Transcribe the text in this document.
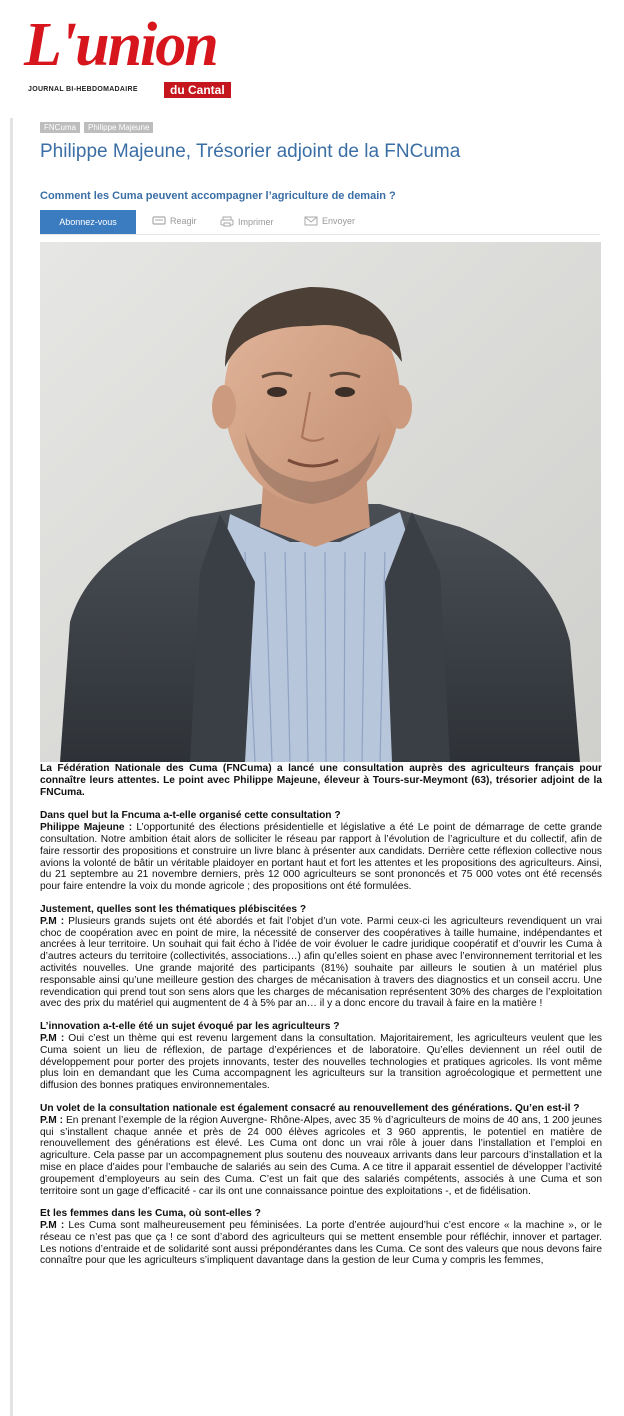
L'union
JOURNAL BI-HEBDOMADAIRE	du Cantal
FNCuma	Philippe Majeune
Philippe Majeune, Trésorier adjoint de la FNCuma
Comment les Cuma peuvent accompagner l’agriculture de demain ?
Abonnez-vous	Reagir	Imprimer	Envoyer

La Fédération Nationale des Cuma (FNCuma) a lancé une consultation auprès des agriculteurs français pour connaître leurs attentes. Le point avec Philippe Majeune, éleveur à Tours-sur-Meymont (63), trésorier adjoint de la FNCuma.

Dans quel but la Fncuma a-t-elle organisé cette consultation ?

Philippe Majeune : L’opportunité des élections présidentielle et législative a été Le point de démarrage de cette grande consultation. Notre ambition était alors de solliciter le réseau par rapport à l’évolution de l’agriculture et du collectif, afin de faire ressortir des propositions et construire un livre blanc à présenter aux candidats. Derrière cette réflexion collective nous avions la volonté de bâtir un véritable plaidoyer en portant haut et fort les attentes et les propositions des agriculteurs. Ainsi, du 21 septembre au 21 novembre derniers, près 12 000 agriculteurs se sont prononcés et 75 000 votes ont été recensés pour faire entendre la voix du monde agricole ; des propositions ont été formulées.

Justement, quelles sont les thématiques plébiscitées ?

P.M : Plusieurs grands sujets ont été abordés et fait l’objet d’un vote. Parmi ceux-ci les agriculteurs revendiquent un vrai choc de coopération avec en point de mire, la nécessité de conserver des coopératives à taille humaine, indépendantes et ancrées à leur territoire. Un souhait qui fait écho à l’idée de voir évoluer le cadre juridique coopératif et d’ouvrir les Cuma à d’autres acteurs du territoire (collectivités, associations…) afin qu’elles soient en phase avec l’environnement territorial et les activités nouvelles. Une grande majorité des participants (81%) souhaite par ailleurs le soutien à un matériel plus responsable ainsi qu’une meilleure gestion des charges de mécanisation à travers des diagnostics et un conseil accru. Une revendication qui prend tout son sens alors que les charges de mécanisation représentent 30% des charges de l’exploitation avec des prix du matériel qui augmentent de 4 à 5% par an… il y a donc encore du travail à faire en la matière !

L’innovation a-t-elle été un sujet évoqué par les agriculteurs ?

P.M : Oui c’est un thème qui est revenu largement dans la consultation. Majoritairement, les agriculteurs veulent que les Cuma soient un lieu de réflexion, de partage d’expériences et de laboratoire. Qu’elles deviennent un réel outil de développement pour porter des projets innovants, tester des nouvelles technologies et pratiques agricoles. Ils vont même plus loin en demandant que les Cuma accompagnent les agriculteurs sur la transition agroécologique et permettent une diffusion des bonnes pratiques environnementales.

Un volet de la consultation nationale est également consacré au renouvellement des générations. Qu’en est-il ?

P.M : En prenant l’exemple de la région Auvergne- Rhône-Alpes, avec 35 % d’agriculteurs de moins de 40 ans, 1 200 jeunes qui s’installent chaque année et près de 24 000 élèves agricoles et 3 960 apprentis, le potentiel en matière de renouvellement des générations est élevé. Les Cuma ont donc un vrai rôle à jouer dans l’installation et l’emploi en agriculture. Cela passe par un accompagnement plus soutenu des nouveaux arrivants dans leur parcours d’installation et la mise en place d’aides pour l’embauche de salariés au sein des Cuma. A ce titre il apparait essentiel de développer l’activité groupement d’employeurs au sein des Cuma. C’est un fait que des salariés compétents, associés à une Cuma et son territoire sont un gage d’efficacité - car ils ont une connaissance pointue des exploitations -, et de fidélisation.

Et les femmes dans les Cuma, où sont-elles ?

P.M : Les Cuma sont malheureusement peu féminisées. La porte d’entrée aujourd’hui c’est encore « la machine », or le réseau ce n’est pas que ça ! ce sont d’abord des agriculteurs qui se mettent ensemble pour réfléchir, innover et partager. Les notions d’entraide et de solidarité sont aussi prépondérantes dans les Cuma. Ce sont des valeurs que nous devons faire connaître pour que les agriculteurs s’impliquent davantage dans la gestion de leur Cuma y compris les femmes,
